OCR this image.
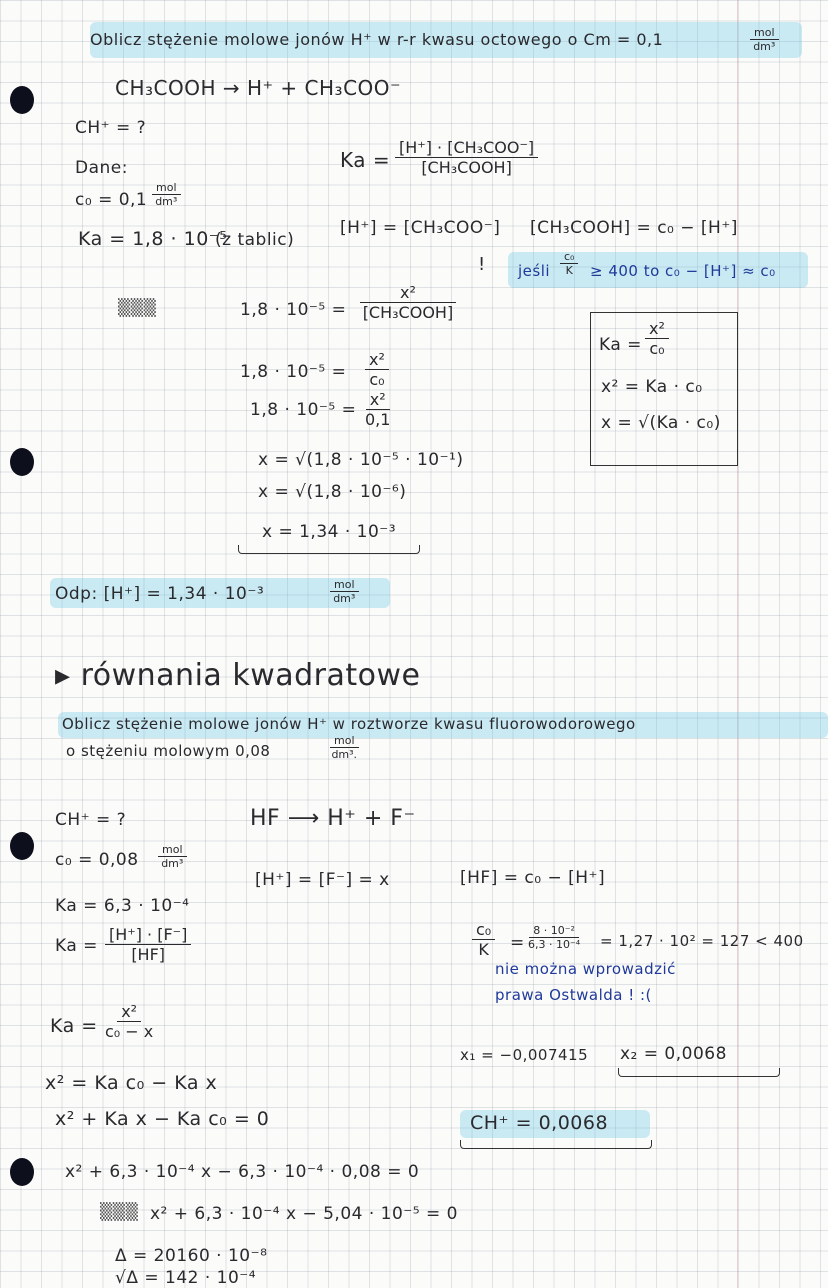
Oblicz stężenie molowe jonów H⁺ w r-r kwasu octowego o Cm = 0,1	mol
dm³
CH₃COOH → H⁺ + CH₃COO⁻
CH⁺ = ?
Dane:
c₀ = 0,1
mol
dm³
Ka = 1,8 · 10⁻⁵
(z tablic)
Ka =
[H⁺] · [CH₃COO⁻]
[CH₃COOH]
[H⁺] = [CH₃COO⁻] [CH₃COOH] = c₀ − [H⁺]
! jeśli $\frac{\text{c₀}}{K} \ge 400$ to c₀ − [H⁺] ≈ c₀
▒▒▒	1,8 · 10⁻⁵ =
x²
[CH₃COOH]
$1,8 \cdot 10^{-5} = \frac{\text{x²}}{\text{c₀}}$
$1,8 \cdot 10^{-5} = \frac{\text{x²}}{0,1}$
x = √(1,8 · 10⁻⁵ · 10⁻¹)
x = √(1,8 · 10⁻⁶)
x = 1,34 · 10⁻³
$Ka = \frac{\text{x²}}{\text{c₀}}$
x² = Ka · c₀
x = √(Ka · c₀)
Odp: [H⁺] = 1,34 · 10⁻³	mol
dm³
▸ równania kwadratowe
Oblicz stężenie molowe jonów H⁺ w roztworze kwasu fluorowodorowego
o stężeniu molowym 0,08
mol
dm³.
CH⁺ = ?	HF ⟶ H⁺ + F⁻
c₀ = 0,08
mol
dm³
[H⁺] = [F⁻] = x	[HF] = c₀ − [H⁺]
Ka = 6,3 · 10⁻⁴
$Ka = \frac{[H^+] \cdot [F^-]}{[HF]}$	$\frac{\text{c₀}}{K} = \frac{\text{8 · 10⁻²}}{\text{6,3 · 10⁻⁴}} = 1,27 \cdot 10^2 = 127 < 400$
nie można wprowadzić
prawa Ostwalda ! :(
$Ka = \frac{\text{x²}}{\text{c₀ − x}}$
x₁ = −0,007415 x₂ = 0,0068
x² = Ka c₀ − Ka x
x² + Ka x − Ka c₀ = 0	CH⁺ = 0,0068
x² + 6,3 · 10⁻⁴ x − 6,3 · 10⁻⁴ · 0,08 = 0
▒▒▒ x² + 6,3 · 10⁻⁴ x − 5,04 · 10⁻⁵ = 0
Δ = 20160 · 10⁻⁸
√Δ = 142 · 10⁻⁴
